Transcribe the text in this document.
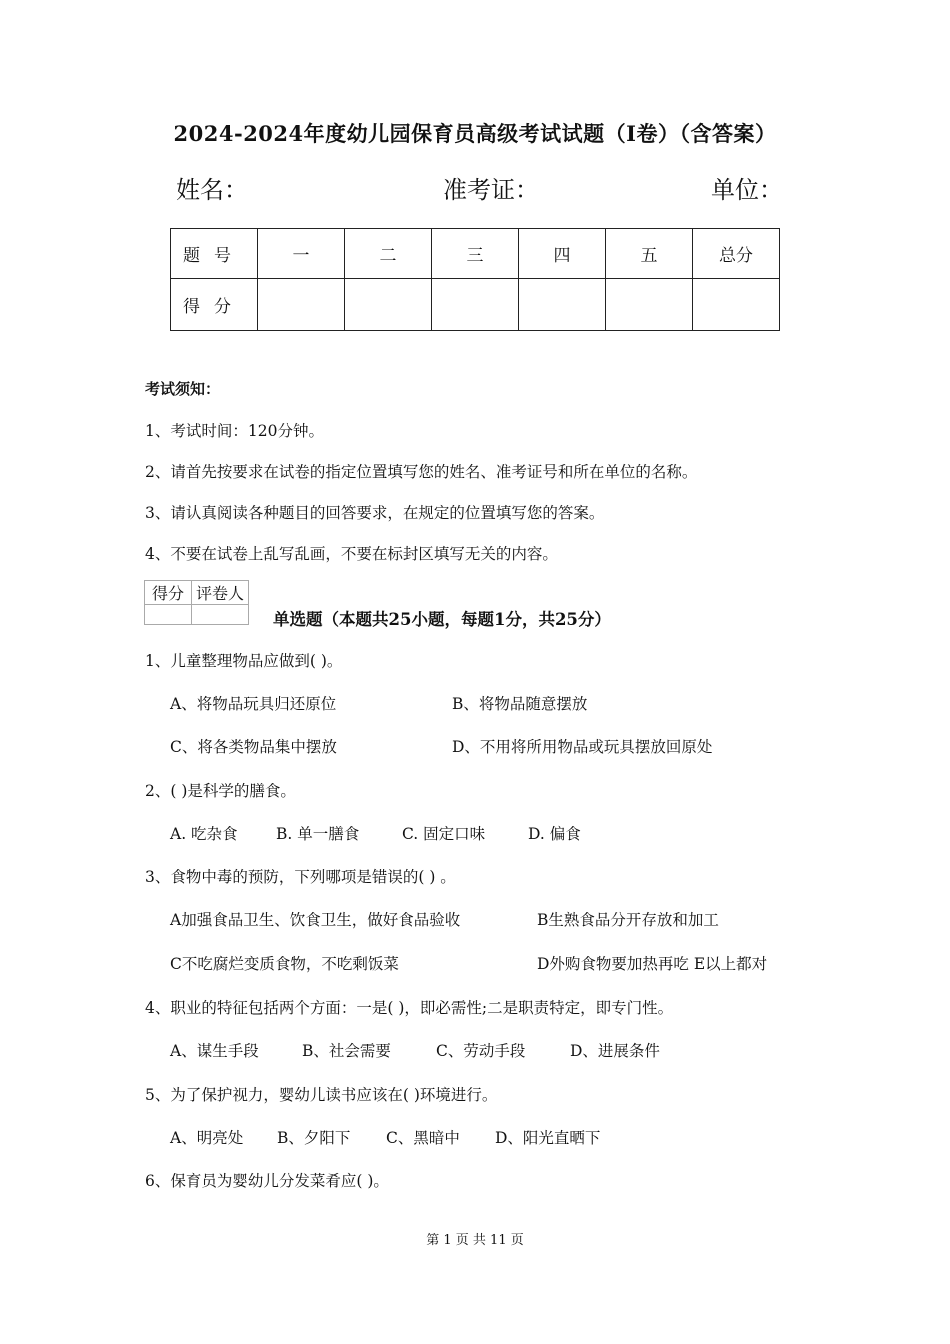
2024-2024年度幼儿园保育员高级考试试题（I卷）（含答案）
姓名：	准考证：	单位：
题号	一	二	三	四	五	总分
得分						
考试须知：
1、考试时间：120分钟。
2、请首先按要求在试卷的指定位置填写您的姓名、准考证号和所在单位的名称。
3、请认真阅读各种题目的回答要求，在规定的位置填写您的答案。
4、不要在试卷上乱写乱画，不要在标封区填写无关的内容。
得分	评卷人

单选题（本题共25小题，每题1分，共25分）
1、儿童整理物品应做到( )。
A、将物品玩具归还原位	B、将物品随意摆放
C、将各类物品集中摆放	D、不用将所用物品或玩具摆放回原处
2、( )是科学的膳食。
A. 吃杂食 B. 单一膳食	C. 固定口味	D. 偏食
3、食物中毒的预防，下列哪项是错误的( ) 。
A加强食品卫生、饮食卫生，做好食品验收	B生熟食品分开存放和加工
C不吃腐烂变质食物，不吃剩饭菜	D外购食物要加热再吃 E以上都对
4、职业的特征包括两个方面：一是( )，即必需性;二是职责特定，即专门性。
A、谋生手段	B、社会需要	C、劳动手段	D、进展条件
5、为了保护视力，婴幼儿读书应该在( )环境进行。
A、明亮处 B、夕阳下 C、黑暗中 D、阳光直晒下
6、保育员为婴幼儿分发菜肴应( )。
第 1 页 共 11 页
